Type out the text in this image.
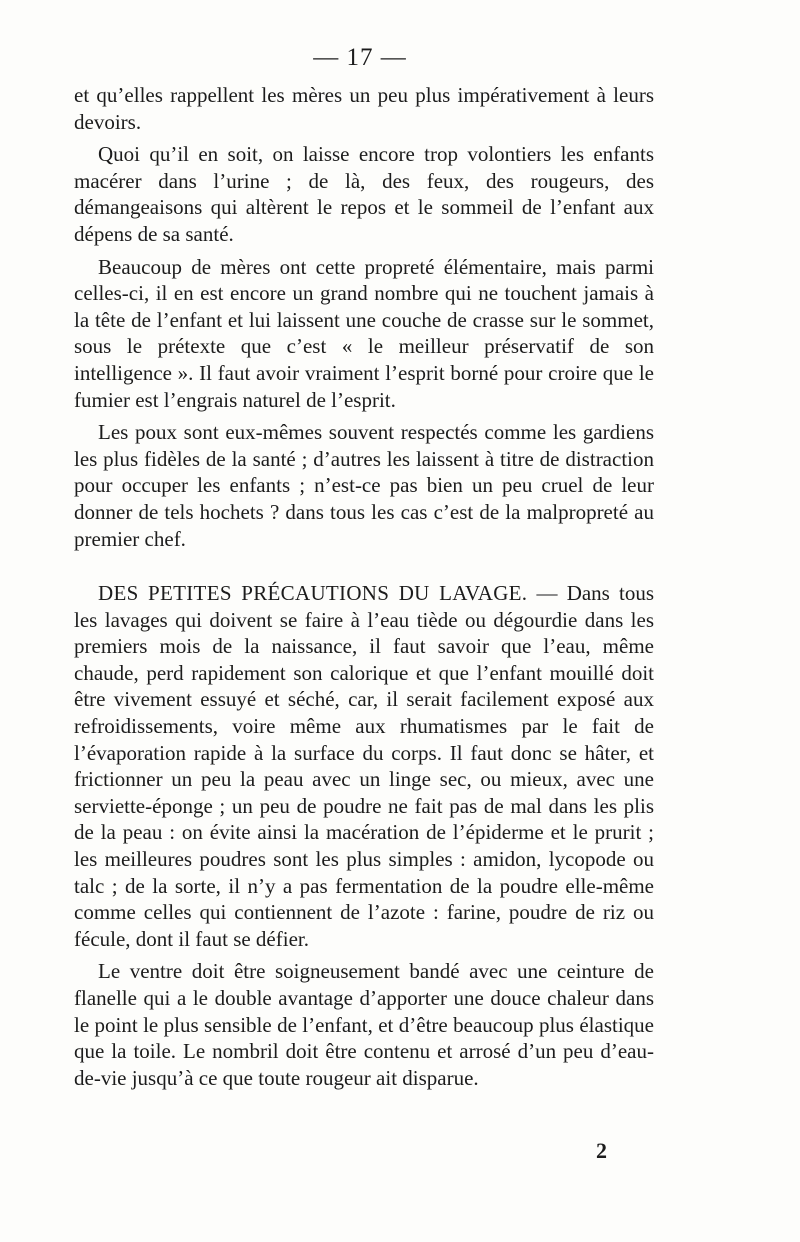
— 17 —

et qu’elles rappellent les mères un peu plus impérativement à leurs devoirs.

Quoi qu’il en soit, on laisse encore trop volontiers les enfants macérer dans l’urine ; de là, des feux, des rougeurs, des démangeaisons qui altèrent le repos et le sommeil de l’enfant aux dépens de sa santé.

Beaucoup de mères ont cette propreté élémentaire, mais parmi celles-ci, il en est encore un grand nombre qui ne touchent jamais à la tête de l’enfant et lui laissent une couche de crasse sur le sommet, sous le prétexte que c’est « le meilleur préservatif de son intelligence ». Il faut avoir vraiment l’esprit borné pour croire que le fumier est l’engrais naturel de l’esprit.

Les poux sont eux-mêmes souvent respectés comme les gardiens les plus fidèles de la santé ; d’autres les laissent à titre de distraction pour occuper les enfants ; n’est-ce pas bien un peu cruel de leur donner de tels hochets ? dans tous les cas c’est de la malpropreté au premier chef.

DES PETITES PRÉCAUTIONS DU LAVAGE. — Dans tous les lavages qui doivent se faire à l’eau tiède ou dégourdie dans les premiers mois de la naissance, il faut savoir que l’eau, même chaude, perd rapidement son calorique et que l’enfant mouillé doit être vivement essuyé et séché, car, il serait facilement exposé aux refroidissements, voire même aux rhumatismes par le fait de l’évaporation rapide à la surface du corps. Il faut donc se hâter, et frictionner un peu la peau avec un linge sec, ou mieux, avec une serviette-éponge ; un peu de poudre ne fait pas de mal dans les plis de la peau : on évite ainsi la macération de l’épiderme et le prurit ; les meilleures poudres sont les plus simples : amidon, lycopode ou talc ; de la sorte, il n’y a pas fermentation de la poudre elle-même comme celles qui contiennent de l’azote : farine, poudre de riz ou fécule, dont il faut se défier.

Le ventre doit être soigneusement bandé avec une ceinture de flanelle qui a le double avantage d’apporter une douce chaleur dans le point le plus sensible de l’enfant, et d’être beaucoup plus élastique que la toile. Le nombril doit être contenu et arrosé d’un peu d’eau-de-vie jusqu’à ce que toute rougeur ait disparue.

2
